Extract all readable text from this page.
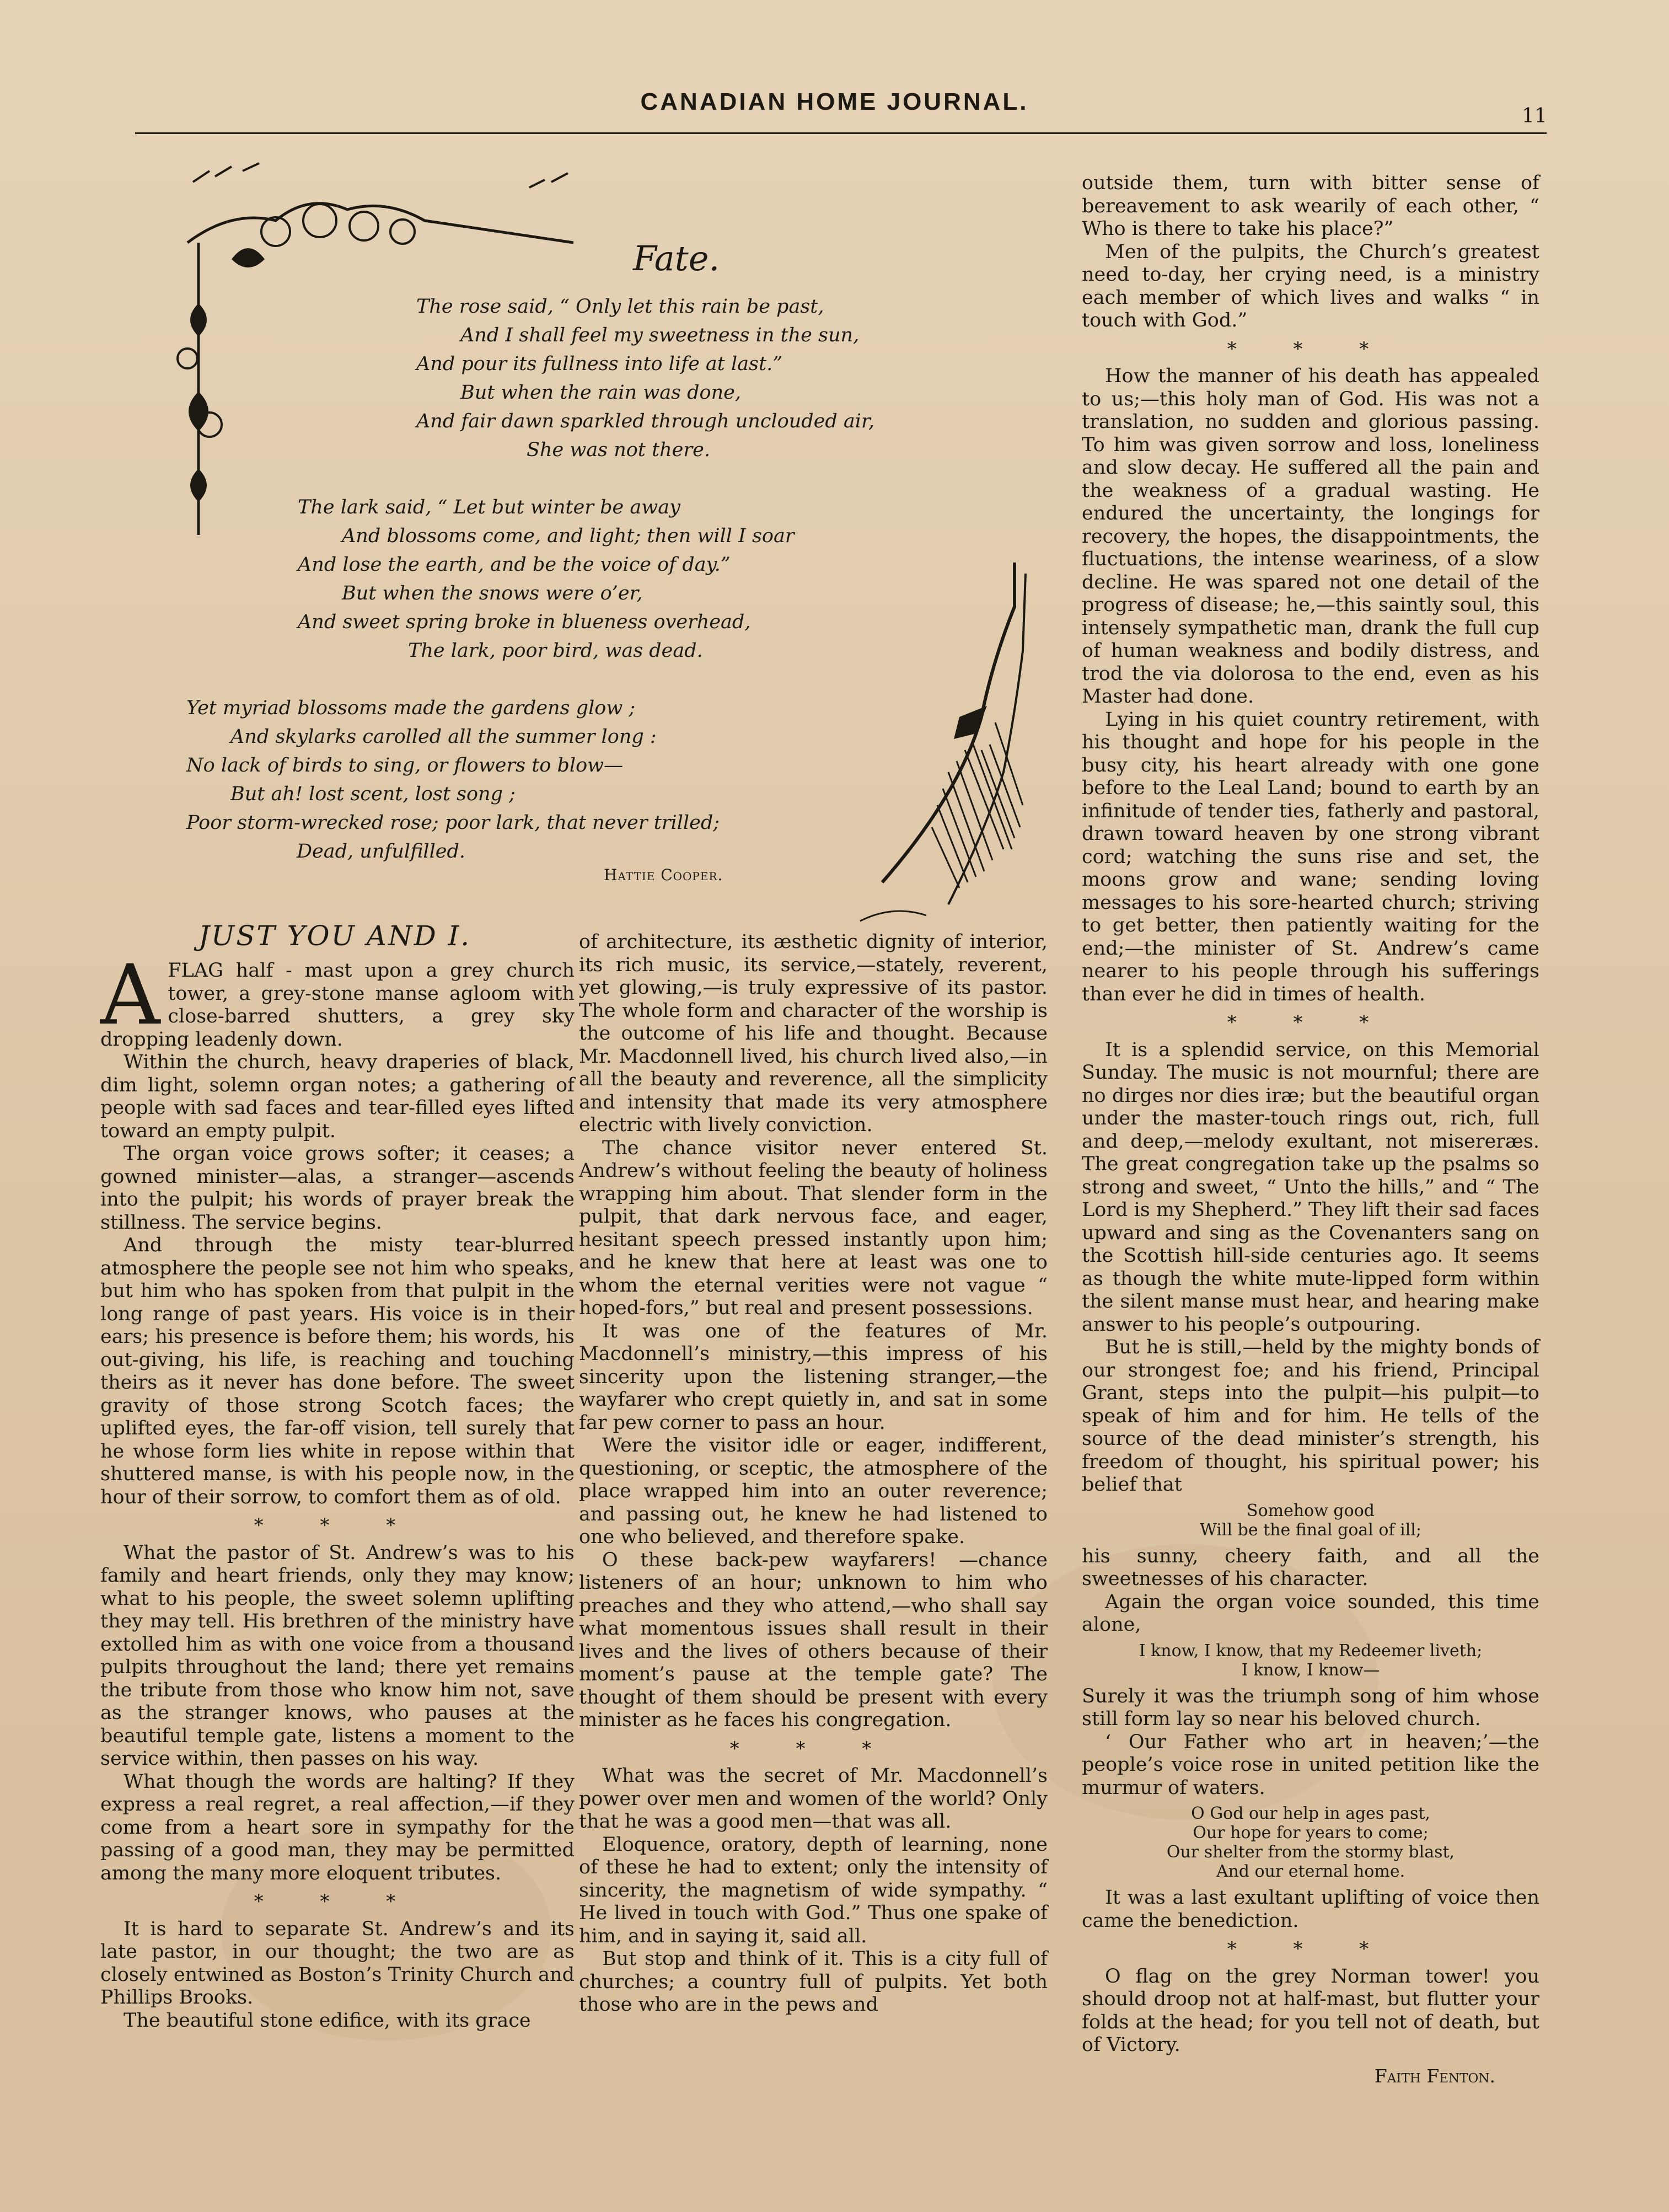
CANADIAN HOME JOURNAL.
11
Fate.
The rose said, “ Only let this rain be past,
And I shall feel my sweetness in the sun,
And pour its fullness into life at last.”
But when the rain was done,
And fair dawn sparkled through unclouded air,
She was not there.
The lark said, “ Let but winter be away
And blossoms come, and light; then will I soar
And lose the earth, and be the voice of day.”
But when the snows were o’er,
And sweet spring broke in blueness overhead,
The lark, poor bird, was dead.
Yet myriad blossoms made the gardens glow ;
And skylarks carolled all the summer long :
No lack of birds to sing, or flowers to blow—
But ah! lost scent, lost song ;
Poor storm-wrecked rose; poor lark, that never trilled;
Dead, unfulfilled.
Hattie Cooper.
JUST YOU AND I.

AFLAG half - mast upon a grey church tower, a grey-stone manse agloom with close-barred shutters, a grey sky dropping leadenly down.

Within the church, heavy draperies of black, dim light, solemn organ notes; a gathering of people with sad faces and tear-filled eyes lifted toward an empty pulpit.

The organ voice grows softer; it ceases; a gowned minister—alas, a stranger—ascends into the pulpit; his words of prayer break the stillness. The service begins.

And through the misty tear-blurred atmosphere the people see not him who speaks, but him who has spoken from that pulpit in the long range of past years. His voice is in their ears; his presence is before them; his words, his out-giving, his life, is reaching and touching theirs as it never has done before. The sweet gravity of those strong Scotch faces; the uplifted eyes, the far-off vision, tell surely that he whose form lies white in repose within that shuttered manse, is with his people now, in the hour of their sorrow, to comfort them as of old.

* * *

What the pastor of St. Andrew’s was to his family and heart friends, only they may know; what to his people, the sweet solemn uplifting they may tell. His brethren of the ministry have extolled him as with one voice from a thousand pulpits throughout the land; there yet remains the tribute from those who know him not, save as the stranger knows, who pauses at the beautiful temple gate, listens a moment to the service within, then passes on his way.

What though the words are halting? If they express a real regret, a real affection,—if they come from a heart sore in sympathy for the passing of a good man, they may be permitted among the many more eloquent tributes.

* * *

It is hard to separate St. Andrew’s and its late pastor, in our thought; the two are as closely entwined as Boston’s Trinity Church and Phillips Brooks.

The beautiful stone edifice, with its grace

of architecture, its æsthetic dignity of interior, its rich music, its service,—stately, reverent, yet glowing,—is truly expressive of its pastor. The whole form and character of the worship is the outcome of his life and thought. Because Mr. Macdonnell lived, his church lived also,—in all the beauty and reverence, all the simplicity and intensity that made its very atmosphere electric with lively conviction.

The chance visitor never entered St. Andrew’s without feeling the beauty of holiness wrapping him about. That slender form in the pulpit, that dark nervous face, and eager, hesitant speech pressed instantly upon him; and he knew that here at least was one to whom the eternal verities were not vague “ hoped-fors,” but real and present possessions.

It was one of the features of Mr. Macdonnell’s ministry,—this impress of his sincerity upon the listening stranger,—the wayfarer who crept quietly in, and sat in some far pew corner to pass an hour.

Were the visitor idle or eager, indifferent, questioning, or sceptic, the atmosphere of the place wrapped him into an outer reverence; and passing out, he knew he had listened to one who believed, and therefore spake.

O these back-pew wayfarers! —chance listeners of an hour; unknown to him who preaches and they who attend,—who shall say what momentous issues shall result in their lives and the lives of others because of their moment’s pause at the temple gate? The thought of them should be present with every minister as he faces his congregation.

* * *

What was the secret of Mr. Macdonnell’s power over men and women of the world? Only that he was a good men—that was all.

Eloquence, oratory, depth of learning, none of these he had to extent; only the intensity of sincerity, the magnetism of wide sympathy. “ He lived in touch with God.” Thus one spake of him, and in saying it, said all.

But stop and think of it. This is a city full of churches; a country full of pulpits. Yet both those who are in the pews and

outside them, turn with bitter sense of bereavement to ask wearily of each other, “ Who is there to take his place?”

Men of the pulpits, the Church’s greatest need to-day, her crying need, is a ministry each member of which lives and walks “ in touch with God.”

* * *

How the manner of his death has appealed to us;—this holy man of God. His was not a translation, no sudden and glorious passing. To him was given sorrow and loss, loneliness and slow decay. He suffered all the pain and the weakness of a gradual wasting. He endured the uncertainty, the longings for recovery, the hopes, the disappointments, the fluctuations, the intense weariness, of a slow decline. He was spared not one detail of the progress of disease; he,—this saintly soul, this intensely sympathetic man, drank the full cup of human weakness and bodily distress, and trod the via dolorosa to the end, even as his Master had done.

Lying in his quiet country retirement, with his thought and hope for his people in the busy city, his heart already with one gone before to the Leal Land; bound to earth by an infinitude of tender ties, fatherly and pastoral, drawn toward heaven by one strong vibrant cord; watching the suns rise and set, the moons grow and wane; sending loving messages to his sore-hearted church; striving to get better, then patiently waiting for the end;—the minister of St. Andrew’s came nearer to his people through his sufferings than ever he did in times of health.

* * *

It is a splendid service, on this Memorial Sunday. The music is not mournful; there are no dirges nor dies iræ; but the beautiful organ under the master-touch rings out, rich, full and deep,—melody exultant, not misereræs. The great congregation take up the psalms so strong and sweet, “ Unto the hills,” and “ The Lord is my Shepherd.” They lift their sad faces upward and sing as the Covenanters sang on the Scottish hill-side centuries ago. It seems as though the white mute-lipped form within the silent manse must hear, and hearing make answer to his people’s outpouring.

But he is still,—held by the mighty bonds of our strongest foe; and his friend, Principal Grant, steps into the pulpit—his pulpit—to speak of him and for him. He tells of the source of the dead minister’s strength, his freedom of thought, his spiritual power; his belief that

Somehow good
Will be the final goal of ill;

his sunny, cheery faith, and all the sweetnesses of his character.

Again the organ voice sounded, this time alone,

I know, I know, that my Redeemer liveth;
I know, I know—

Surely it was the triumph song of him whose still form lay so near his beloved church.

‘ Our Father who art in heaven;’—the people’s voice rose in united petition like the murmur of waters.

O God our help in ages past,
Our hope for years to come;
Our shelter from the stormy blast,
And our eternal home.

It was a last exultant uplifting of voice then came the benediction.

* * *

O flag on the grey Norman tower! you should droop not at half-mast, but flutter your folds at the head; for you tell not of death, but of Victory.

Faith Fenton.
